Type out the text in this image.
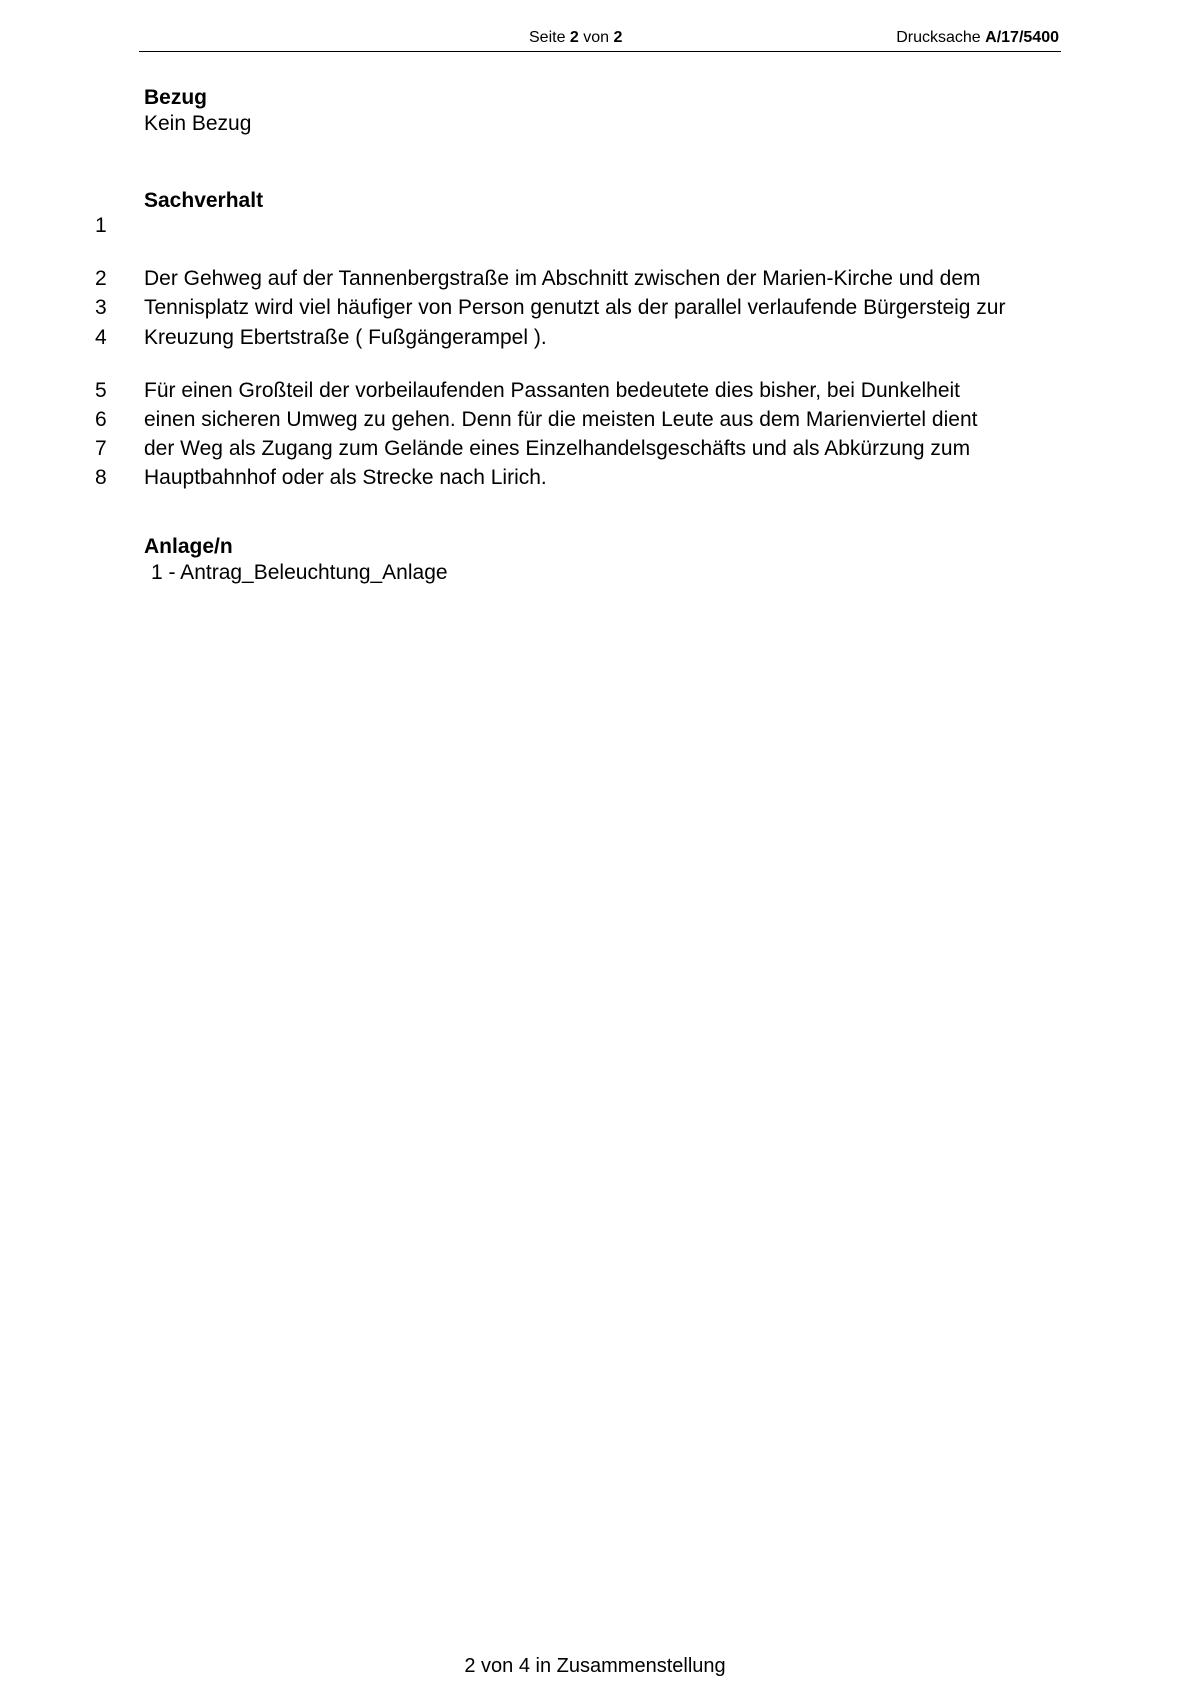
Seite 2 von 2	Drucksache A/17/5400
Bezug
Kein Bezug
Sachverhalt
1
2 Der Gehweg auf der Tannenbergstraße im Abschnitt zwischen der Marien-Kirche und dem
3 Tennisplatz wird viel häufiger von Person genutzt als der parallel verlaufende Bürgersteig zur
4 Kreuzung Ebertstraße ( Fußgängerampel ).
5 Für einen Großteil der vorbeilaufenden Passanten bedeutete dies bisher, bei Dunkelheit
6 einen sicheren Umweg zu gehen. Denn für die meisten Leute aus dem Marienviertel dient
7 der Weg als Zugang zum Gelände eines Einzelhandelsgeschäfts und als Abkürzung zum
8 Hauptbahnhof oder als Strecke nach Lirich.
Anlage/n
1 - Antrag_Beleuchtung_Anlage
2 von 4 in Zusammenstellung
